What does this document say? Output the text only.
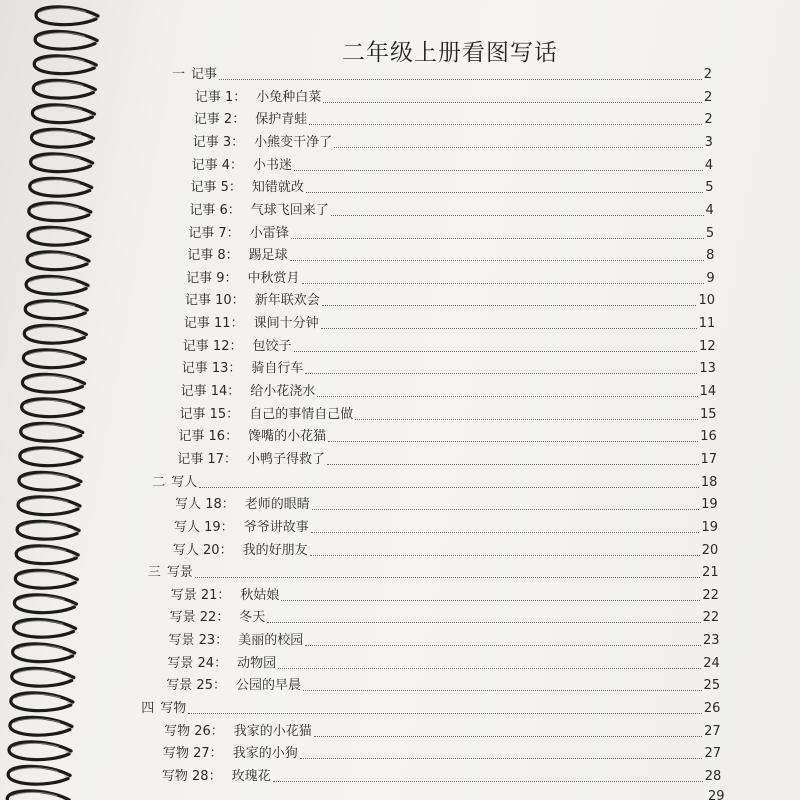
二年级上册看图写话
一 记事	2
记事 1： 小兔种白菜	2
记事 2： 保护青蛙	2
记事 3： 小熊变干净了	3
记事 4： 小书迷	4
记事 5： 知错就改	5
记事 6： 气球飞回来了	4
记事 7： 小雷锋	5
记事 8： 踢足球	8
记事 9： 中秋赏月	9
记事 10： 新年联欢会	10
记事 11： 课间十分钟	11
记事 12： 包饺子	12
记事 13： 骑自行车	13
记事 14： 给小花浇水	14
记事 15： 自己的事情自己做	15
记事 16： 馋嘴的小花猫	16
记事 17： 小鸭子得救了	17
二 写人	18
写人 18： 老师的眼睛	19
写人 19： 爷爷讲故事	19
写人 20： 我的好朋友	20
三 写景	21
写景 21： 秋姑娘	22
写景 22： 冬天	22
写景 23： 美丽的校园	23
写景 24： 动物园	24
写景 25： 公园的早晨	25
四 写物	26
写物 26： 我家的小花猫	27
写物 27： 我家的小狗	27
写物 28： 玫瑰花	28
29
